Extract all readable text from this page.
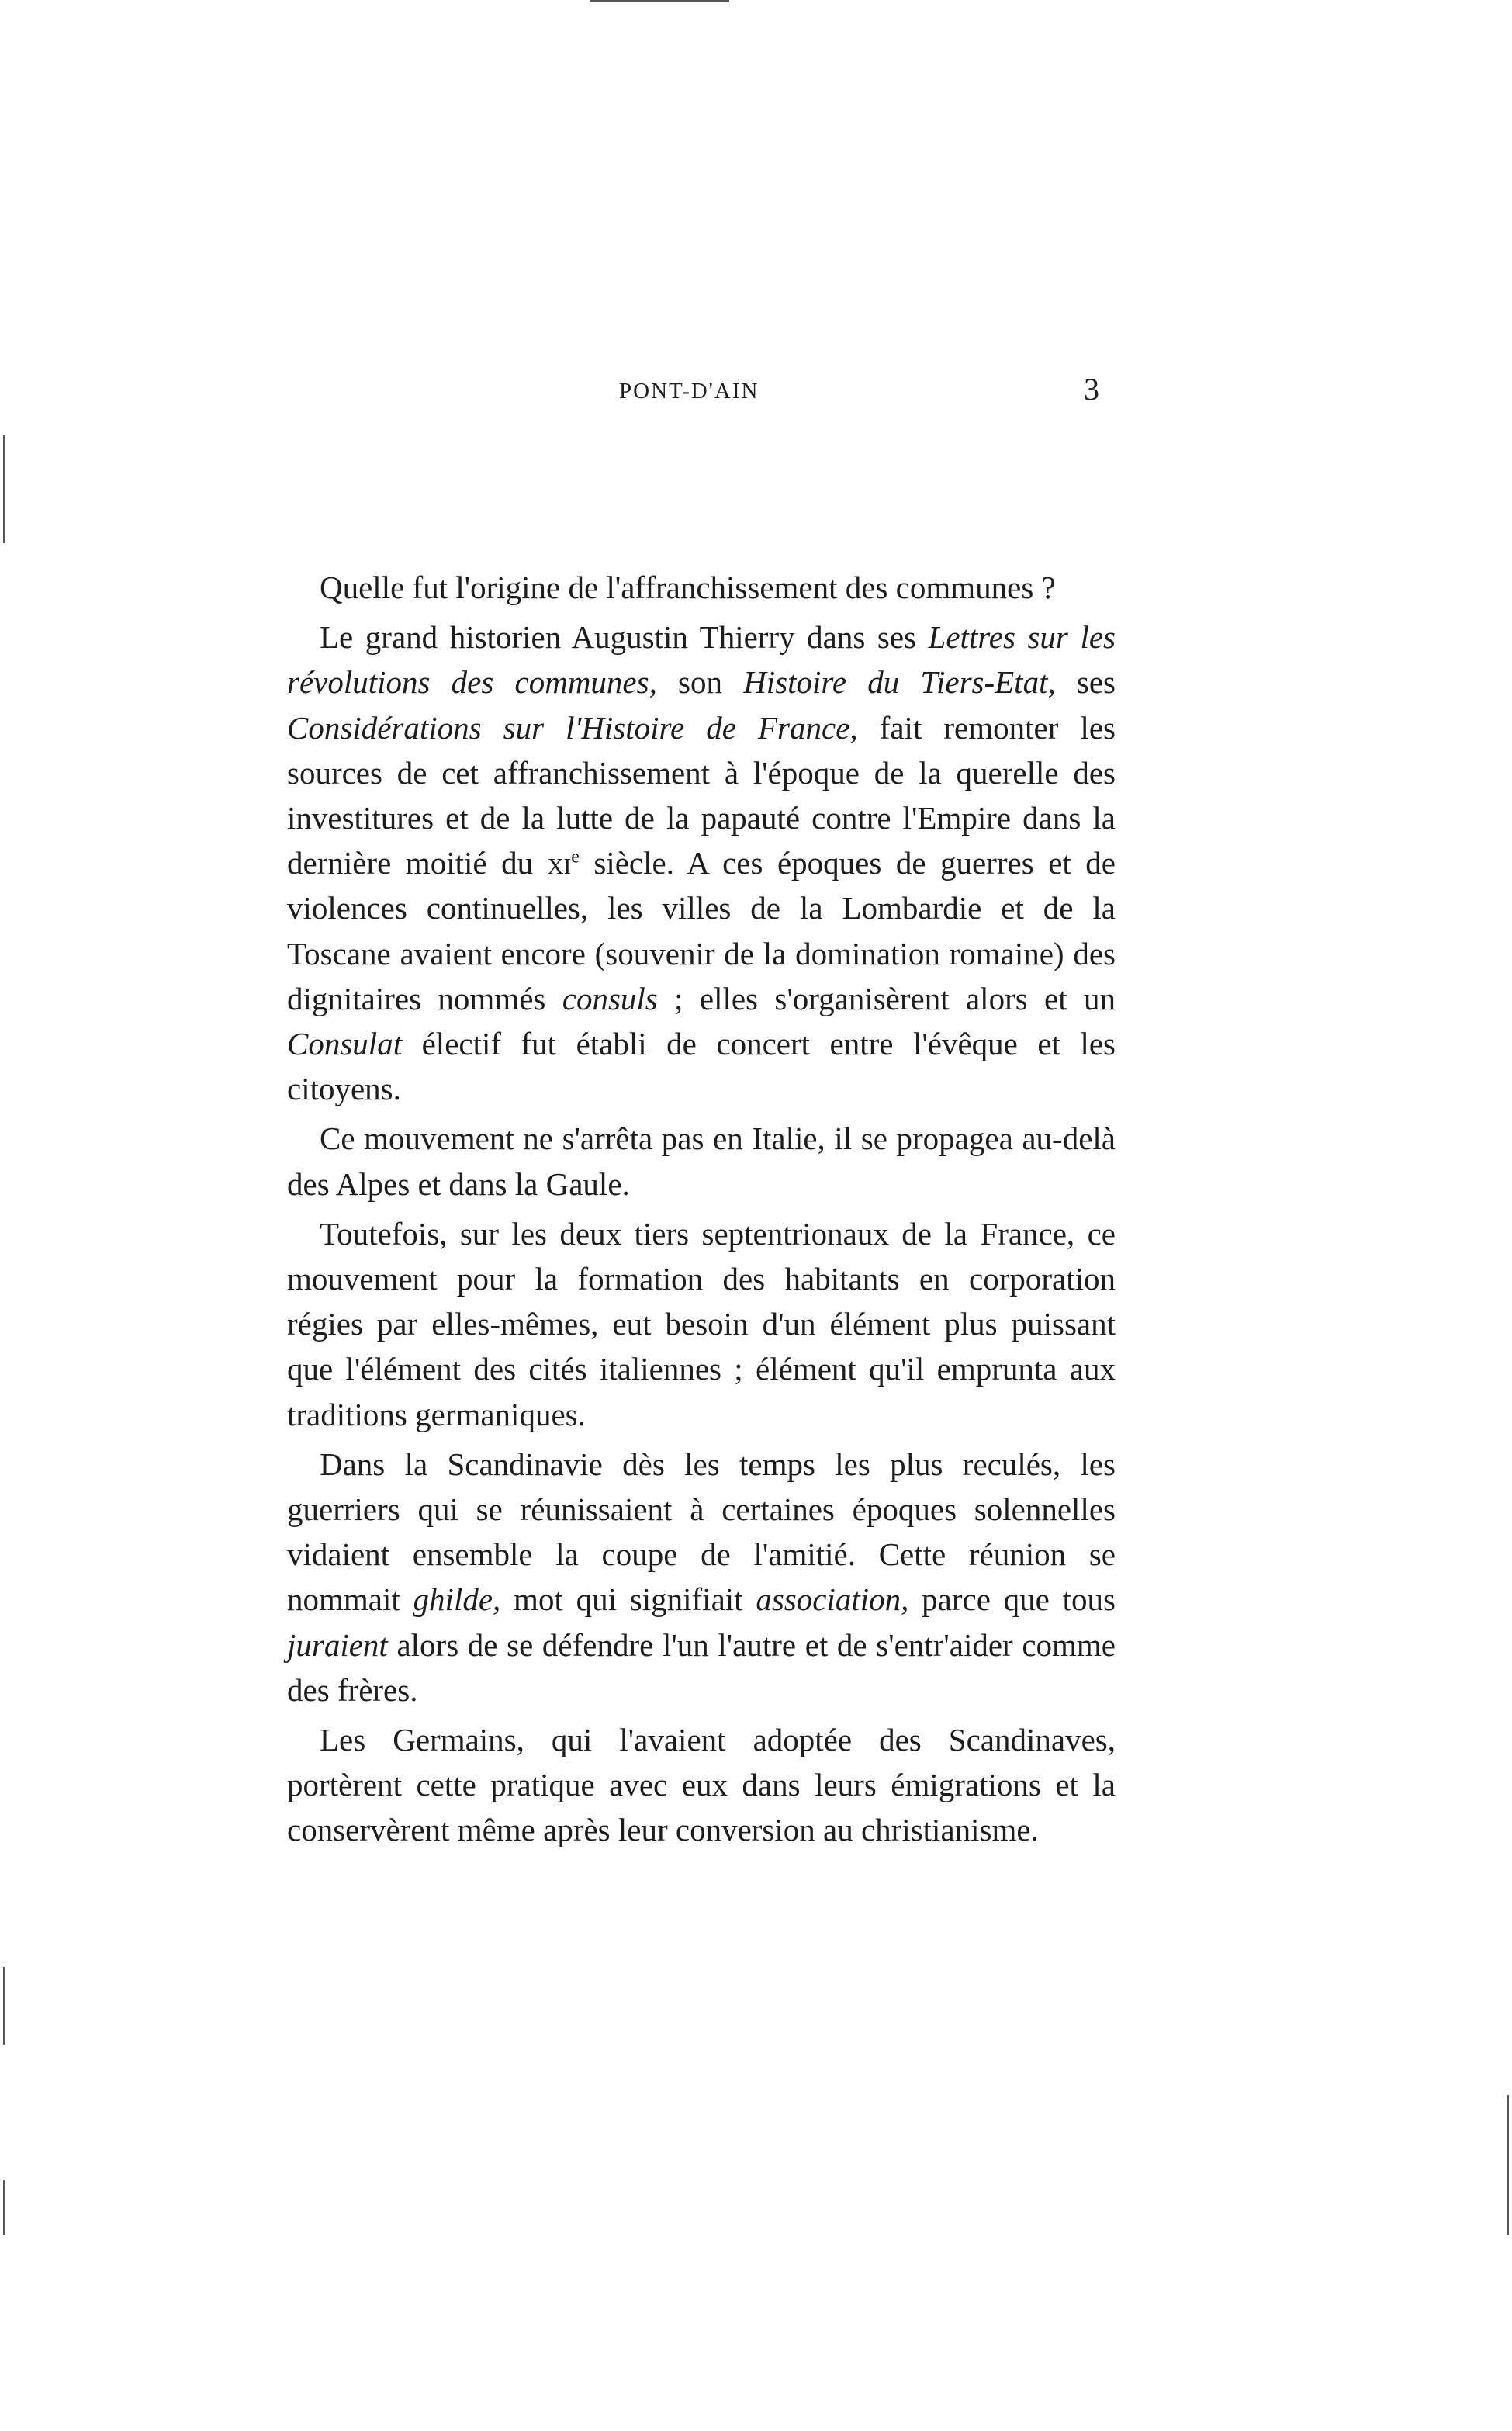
PONT-D'AIN	3

Quelle fut l'origine de l'affranchissement des communes ?

Le grand historien Augustin Thierry dans ses Lettres sur les révolutions des communes, son Histoire du Tiers-Etat, ses Considérations sur l'Histoire de France, fait remonter les sources de cet affranchissement à l'époque de la querelle des investitures et de la lutte de la papauté contre l'Empire dans la dernière moitié du $xi^e$ siècle. A ces époques de guerres et de violences continuelles, les villes de la Lombardie et de la Toscane avaient encore (souvenir de la domination romaine) des dignitaires nommés consuls ; elles s'organisèrent alors et un Consulat électif fut établi de concert entre l'évêque et les citoyens.

Ce mouvement ne s'arrêta pas en Italie, il se propagea au-delà des Alpes et dans la Gaule.

Toutefois, sur les deux tiers septentrionaux de la France, ce mouvement pour la formation des habitants en corporation régies par elles-mêmes, eut besoin d'un élément plus puissant que l'élément des cités italiennes ; élément qu'il emprunta aux traditions germaniques.

Dans la Scandinavie dès les temps les plus reculés, les guerriers qui se réunissaient à certaines époques solennelles vidaient ensemble la coupe de l'amitié. Cette réunion se nommait ghilde, mot qui signifiait association, parce que tous juraient alors de se défendre l'un l'autre et de s'entr'aider comme des frères.

Les Germains, qui l'avaient adoptée des Scandinaves, portèrent cette pratique avec eux dans leurs émigrations et la conservèrent même après leur conversion au christianisme.
